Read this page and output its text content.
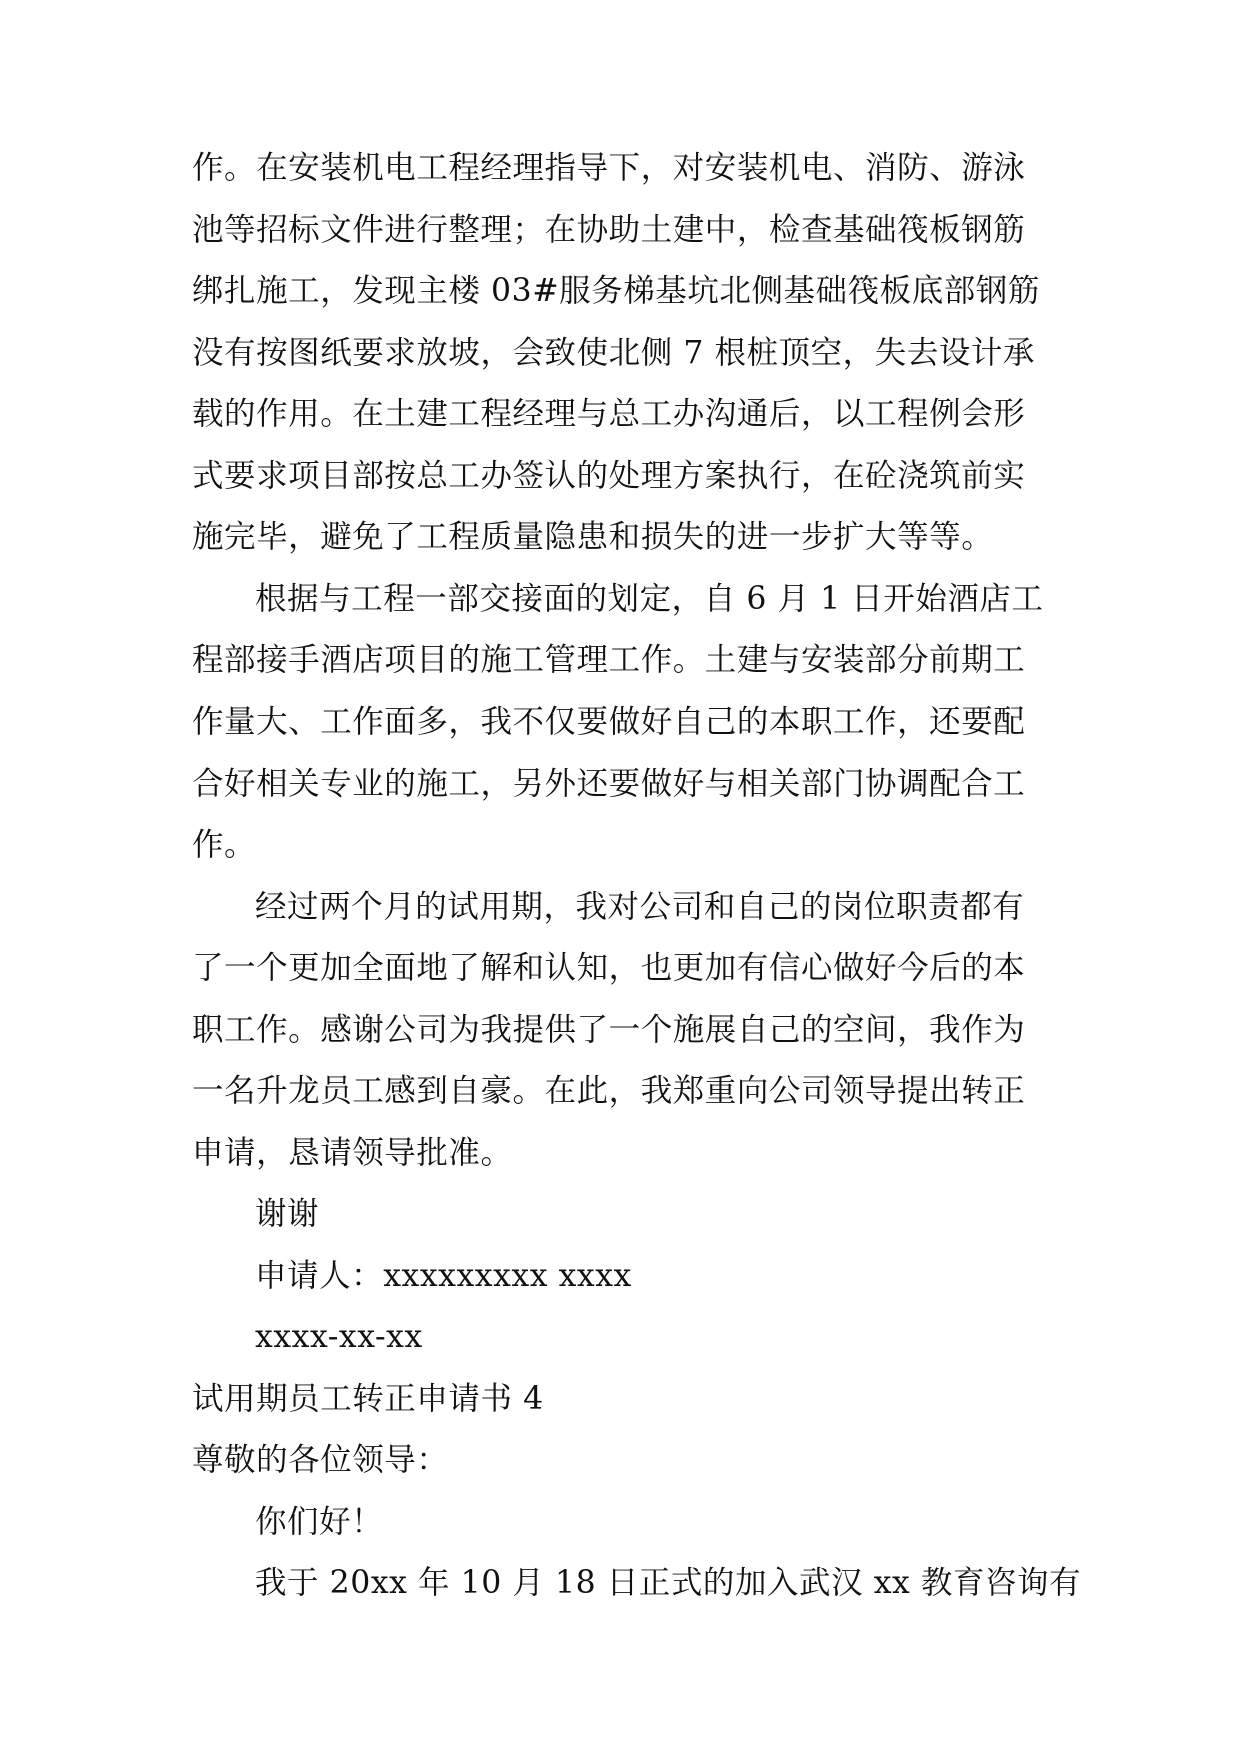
作。在安装机电工程经理指导下，对安装机电、消防、游泳
池等招标文件进行整理；在协助土建中，检查基础筏板钢筋
绑扎施工，发现主楼 03#服务梯基坑北侧基础筏板底部钢筋
没有按图纸要求放坡，会致使北侧 7 根桩顶空，失去设计承
载的作用。在土建工程经理与总工办沟通后，以工程例会形
式要求项目部按总工办签认的处理方案执行，在砼浇筑前实
施完毕，避免了工程质量隐患和损失的进一步扩大等等。
根据与工程一部交接面的划定，自 6 月 1 日开始酒店工
程部接手酒店项目的施工管理工作。土建与安装部分前期工
作量大、工作面多，我不仅要做好自己的本职工作，还要配
合好相关专业的施工，另外还要做好与相关部门协调配合工
作。
经过两个月的试用期，我对公司和自己的岗位职责都有
了一个更加全面地了解和认知，也更加有信心做好今后的本
职工作。感谢公司为我提供了一个施展自己的空间，我作为
一名升龙员工感到自豪。在此，我郑重向公司领导提出转正
申请，恳请领导批准。
谢谢
申请人：xxxxxxxxx xxxx
xxxx-xx-xx
试用期员工转正申请书 4
尊敬的各位领导：
你们好！
我于 20xx 年 10 月 18 日正式的加入武汉 xx 教育咨询有
